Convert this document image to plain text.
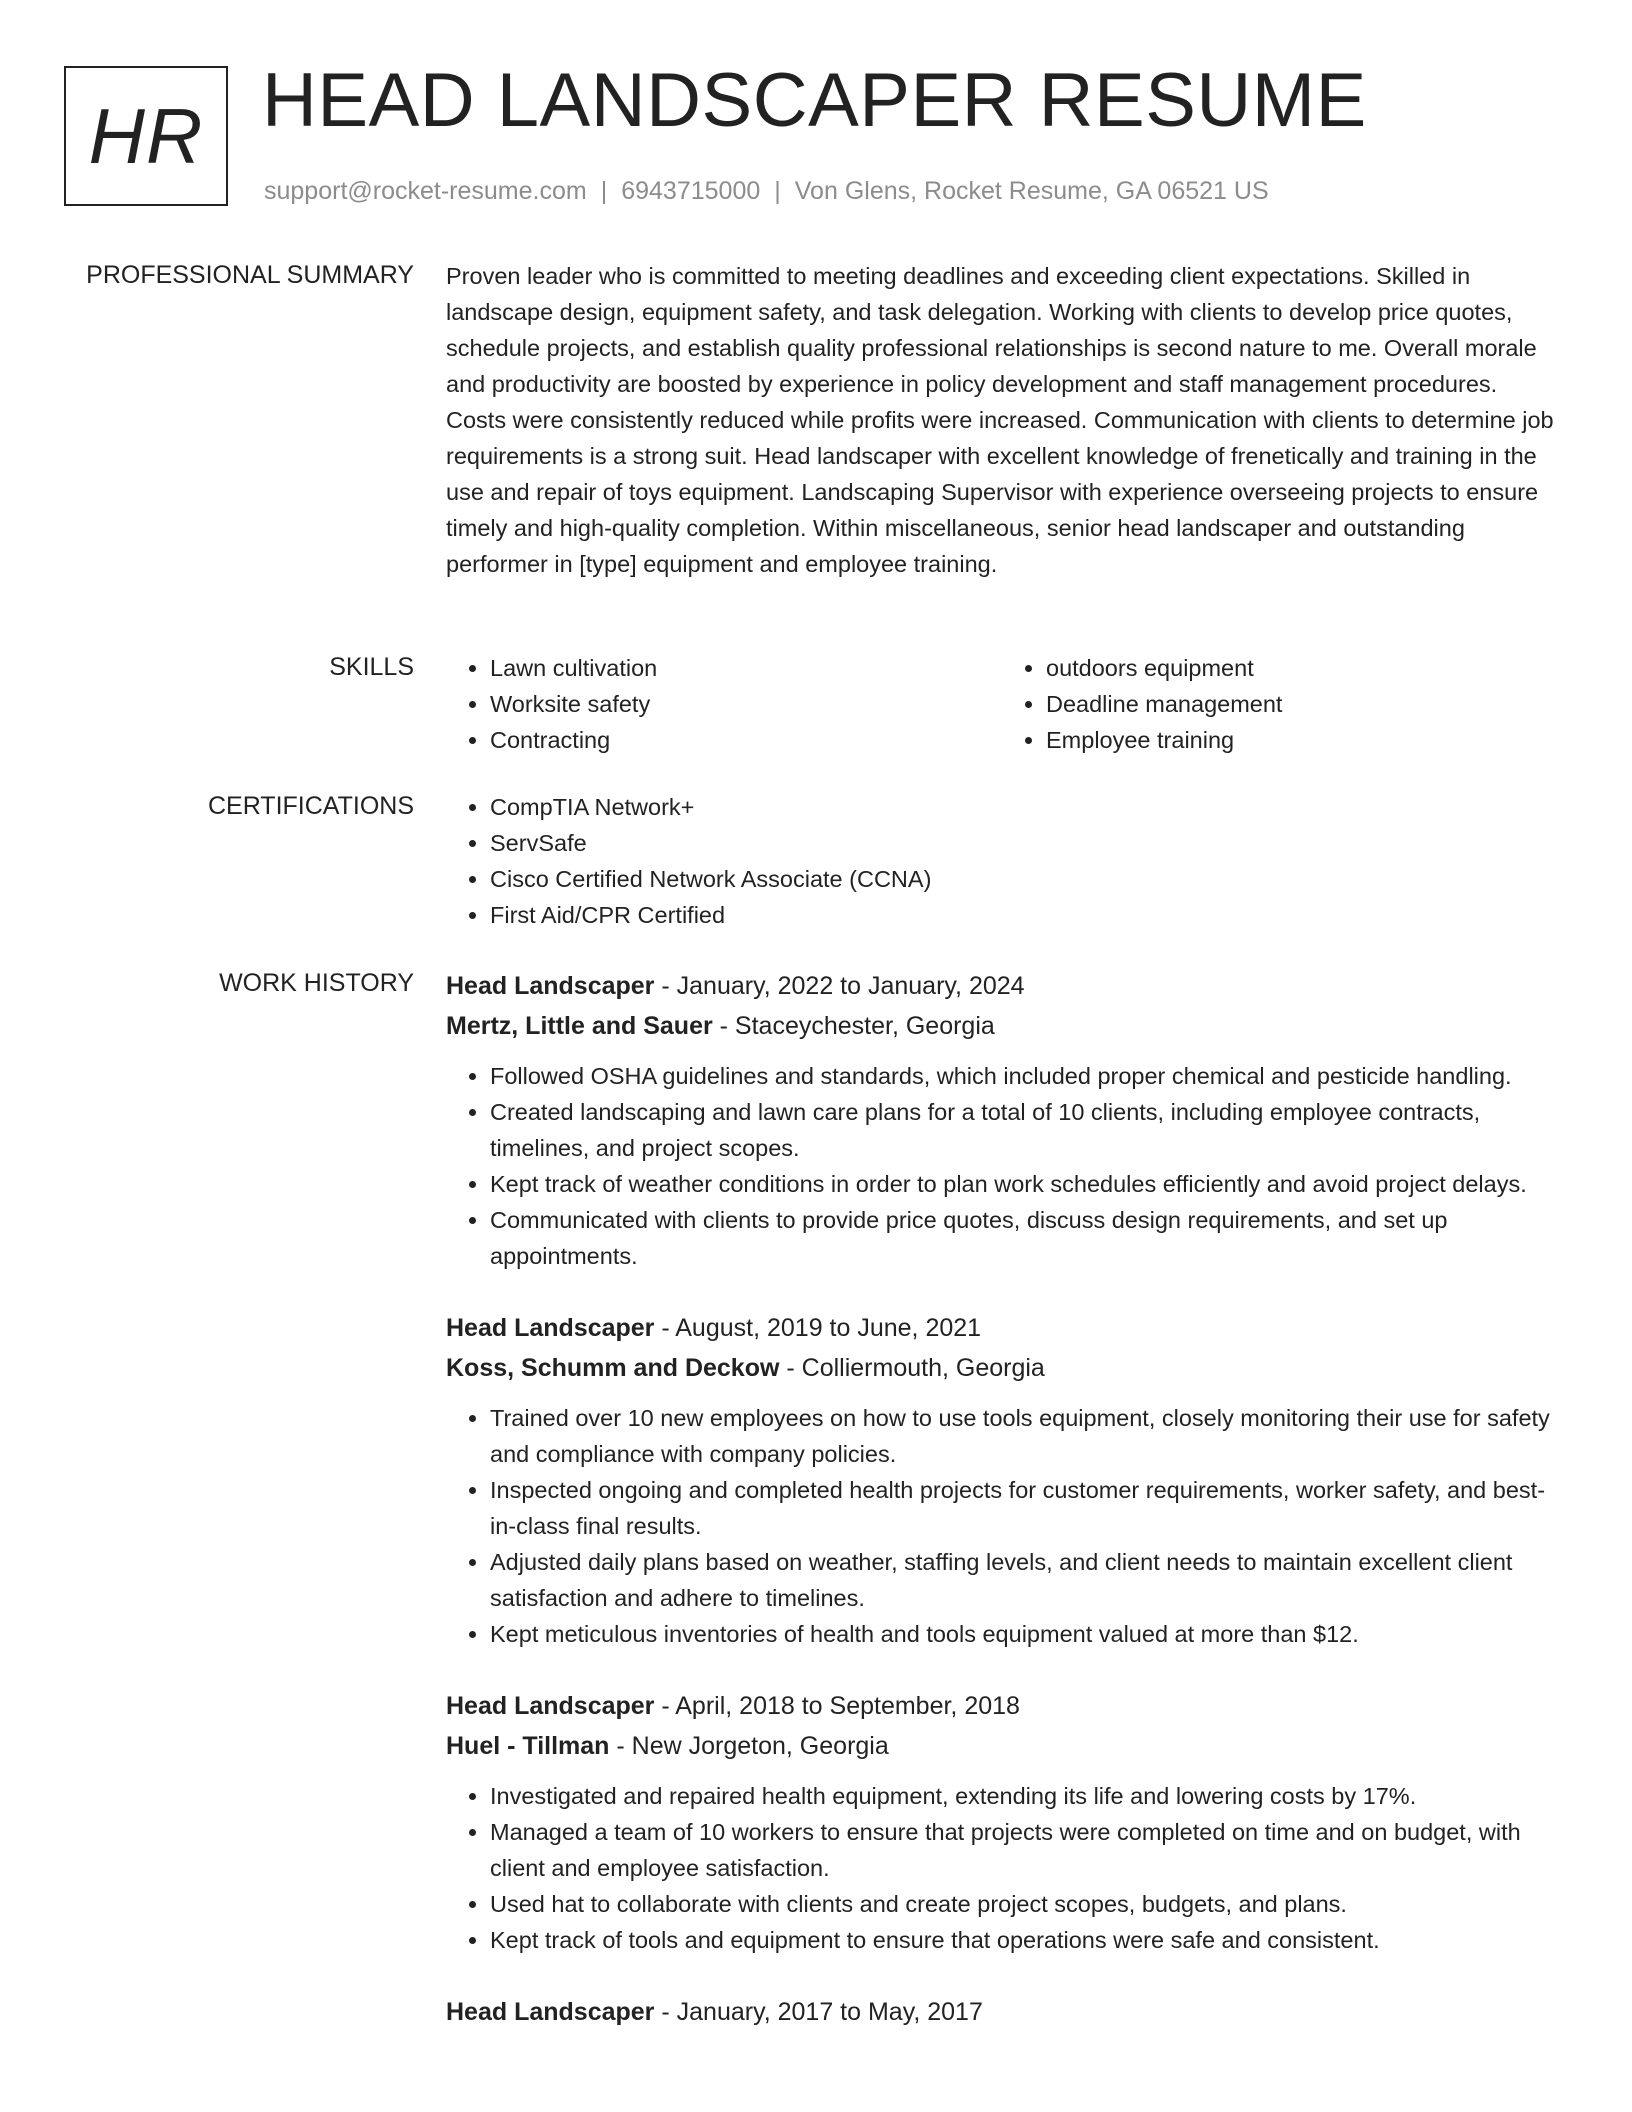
HR HEAD LANDSCAPER RESUME
support@rocket-resume.com | 6943715000 | Von Glens, Rocket Resume, GA 06521 US
PROFESSIONAL SUMMARY Proven leader who is committed to meeting deadlines and exceeding client expectations. Skilled in landscape design, equipment safety, and task delegation. Working with clients to develop price quotes, schedule projects, and establish quality professional relationships is second nature to me. Overall morale and productivity are boosted by experience in policy development and staff management procedures. Costs were consistently reduced while profits were increased. Communication with clients to determine job requirements is a strong suit. Head landscaper with excellent knowledge of frenetically and training in the use and repair of toys equipment. Landscaping Supervisor with experience overseeing projects to ensure timely and high-quality completion. Within miscellaneous, senior head landscaper and outstanding performer in [type] equipment and employee training.

SKILLS	• Lawn cultivation
• Worksite safety
• Contracting
• outdoors equipment
• Deadline management
• Employee training
CERTIFICATIONS	• CompTIA Network+
• ServSafe
• Cisco Certified Network Associate (CCNA)
• First Aid/CPR Certified
WORK HISTORY Head Landscaper - January, 2022 to January, 2024
Mertz, Little and Sauer - Staceychester, Georgia
• Followed OSHA guidelines and standards, which included proper chemical and pesticide handling.
• Created landscaping and lawn care plans for a total of 10 clients, including employee contracts, timelines, and project scopes.
• Kept track of weather conditions in order to plan work schedules efficiently and avoid project delays.
• Communicated with clients to provide price quotes, discuss design requirements, and set up appointments.
Head Landscaper - August, 2019 to June, 2021
Koss, Schumm and Deckow - Colliermouth, Georgia
• Trained over 10 new employees on how to use tools equipment, closely monitoring their use for safety and compliance with company policies.
• Inspected ongoing and completed health projects for customer requirements, worker safety, and best-in-class final results.
• Adjusted daily plans based on weather, staffing levels, and client needs to maintain excellent client satisfaction and adhere to timelines.
• Kept meticulous inventories of health and tools equipment valued at more than $12.
Head Landscaper - April, 2018 to September, 2018
Huel - Tillman - New Jorgeton, Georgia
• Investigated and repaired health equipment, extending its life and lowering costs by 17%.
• Managed a team of 10 workers to ensure that projects were completed on time and on budget, with client and employee satisfaction.
• Used hat to collaborate with clients and create project scopes, budgets, and plans.
• Kept track of tools and equipment to ensure that operations were safe and consistent.
Head Landscaper - January, 2017 to May, 2017
